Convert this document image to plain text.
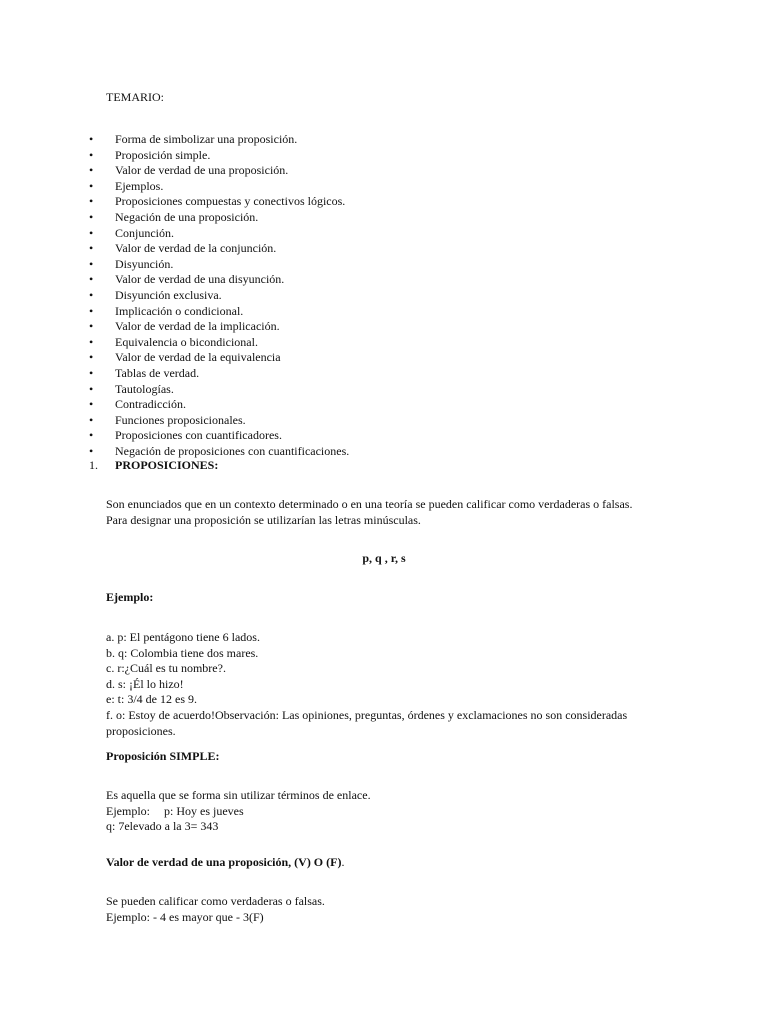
TEMARIO:
• Forma de simbolizar una proposición.
• Proposición simple.
• Valor de verdad de una proposición.
• Ejemplos.
• Proposiciones compuestas y conectivos lógicos.
• Negación de una proposición.
• Conjunción.
• Valor de verdad de la conjunción.
• Disyunción.
• Valor de verdad de una disyunción.
• Disyunción exclusiva.
• Implicación o condicional.
• Valor de verdad de la implicación.
• Equivalencia o bicondicional.
• Valor de verdad de la equivalencia
• Tablas de verdad.
• Tautologías.
• Contradicción.
• Funciones proposicionales.
• Proposiciones con cuantificadores.
• Negación de proposiciones con cuantificaciones.
1. PROPOSICIONES:
Son enunciados que en un contexto determinado o en una teoría se pueden calificar como verdaderas o falsas.
Para designar una proposición se utilizarían las letras minúsculas.
p, q , r, s
Ejemplo:
a. p: El pentágono tiene 6 lados.
b. q: Colombia tiene dos mares.
c. r:¿Cuál es tu nombre?.
d. s: ¡Él lo hizo!
e: t: 3/4 de 12 es 9.
f. o: Estoy de acuerdo!Observación: Las opiniones, preguntas, órdenes y exclamaciones no son consideradas
proposiciones.
Proposición SIMPLE:
Es aquella que se forma sin utilizar términos de enlace.
Ejemplo: p: Hoy es jueves
q: 7elevado a la 3= 343
Valor de verdad de una proposición, (V) O (F).
Se pueden calificar como verdaderas o falsas.
Ejemplo: - 4 es mayor que - 3(F)
